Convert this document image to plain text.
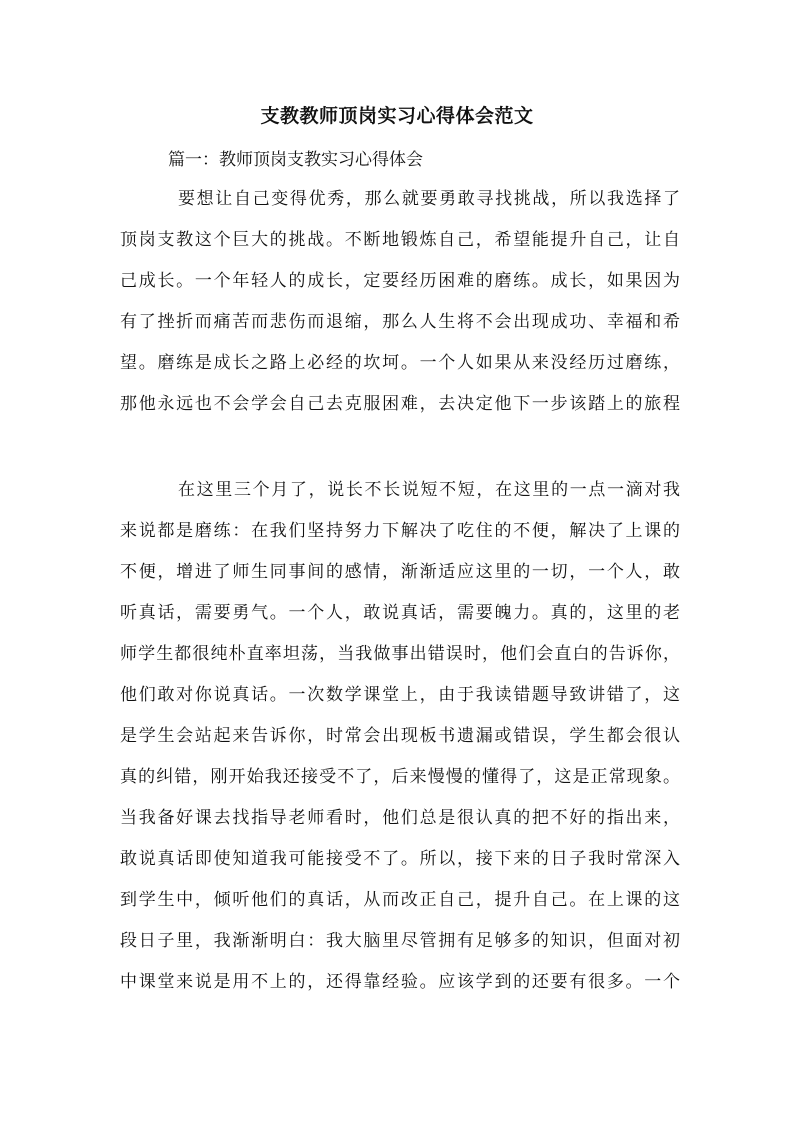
支教教师顶岗实习心得体会范文
篇一：教师顶岗支教实习心得体会
要想让自己变得优秀，那么就要勇敢寻找挑战，所以我选择了
顶岗支教这个巨大的挑战。不断地锻炼自己，希望能提升自己，让自
己成长。一个年轻人的成长，定要经历困难的磨练。成长，如果因为
有了挫折而痛苦而悲伤而退缩，那么人生将不会出现成功、幸福和希
望。磨练是成长之路上必经的坎坷。一个人如果从来没经历过磨练，
那他永远也不会学会自己去克服困难，去决定他下一步该踏上的旅程
在这里三个月了，说长不长说短不短，在这里的一点一滴对我
来说都是磨练：在我们坚持努力下解决了吃住的不便，解决了上课的
不便，增进了师生同事间的感情，渐渐适应这里的一切，一个人，敢
听真话，需要勇气。一个人，敢说真话，需要魄力。真的，这里的老
师学生都很纯朴直率坦荡，当我做事出错误时，他们会直白的告诉你，
他们敢对你说真话。一次数学课堂上，由于我读错题导致讲错了，这
是学生会站起来告诉你，时常会出现板书遗漏或错误，学生都会很认
真的纠错，刚开始我还接受不了，后来慢慢的懂得了，这是正常现象。
当我备好课去找指导老师看时，他们总是很认真的把不好的指出来，
敢说真话即使知道我可能接受不了。所以，接下来的日子我时常深入
到学生中，倾听他们的真话，从而改正自己，提升自己。在上课的这
段日子里，我渐渐明白：我大脑里尽管拥有足够多的知识，但面对初
中课堂来说是用不上的，还得靠经验。应该学到的还要有很多。一个
